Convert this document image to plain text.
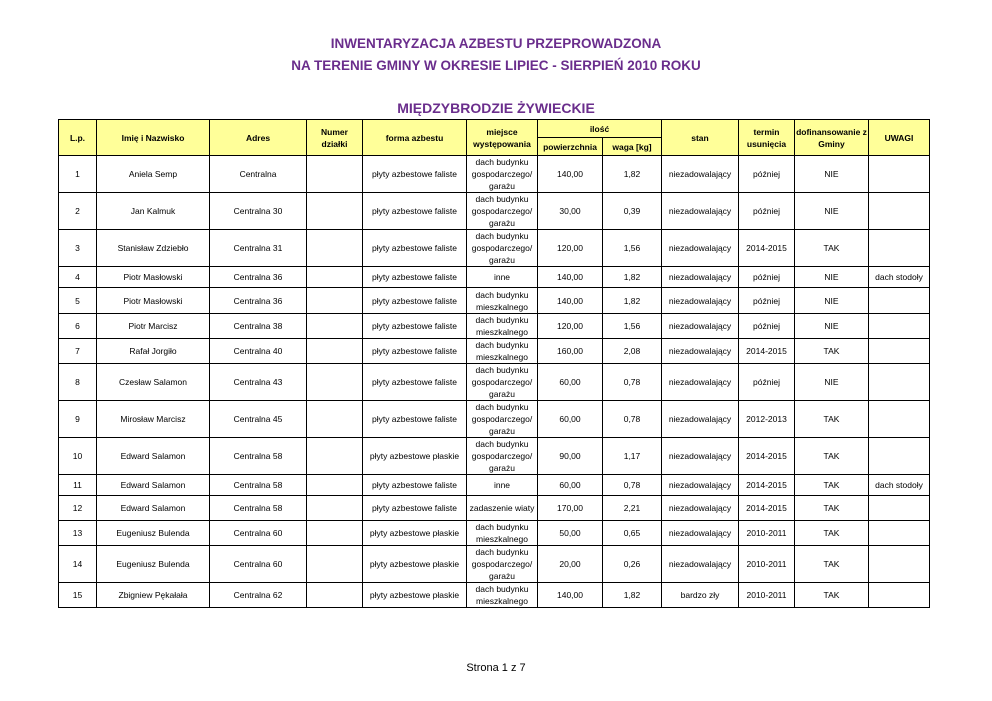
INWENTARYZACJA AZBESTU PRZEPROWADZONA
NA TERENIE GMINY W OKRESIE LIPIEC - SIERPIEŃ 2010 ROKU
MIĘDZYBRODZIE ŻYWIECKIE
L.p.	Imię i Nazwisko	Adres	Numer działki	forma azbestu	miejsce występowania	ilość		stan	termin usunięcia	dofinansowanie z Gminy	UWAGI
						powierzchnia	waga [kg]				
1	Aniela Semp	Centralna		płyty azbestowe faliste	dach budynku gospodarczego/ garażu	140,00	1,82	niezadowalający	później	NIE	
2	Jan Kalmuk	Centralna 30		płyty azbestowe faliste	dach budynku gospodarczego/ garażu	30,00	0,39	niezadowalający	później	NIE	
3	Stanisław Zdziebło	Centralna 31		płyty azbestowe faliste	dach budynku gospodarczego/ garażu	120,00	1,56	niezadowalający	2014-2015	TAK	
4	Piotr Masłowski	Centralna 36		płyty azbestowe faliste	inne	140,00	1,82	niezadowalający	później	NIE	dach stodoły
5	Piotr Masłowski	Centralna 36		płyty azbestowe faliste	dach budynku mieszkalnego	140,00	1,82	niezadowalający	później	NIE	
6	Piotr Marcisz	Centralna 38		płyty azbestowe faliste	dach budynku mieszkalnego	120,00	1,56	niezadowalający	później	NIE	
7	Rafał Jorgiło	Centralna 40		płyty azbestowe faliste	dach budynku mieszkalnego	160,00	2,08	niezadowalający	2014-2015	TAK	
8	Czesław Salamon	Centralna 43		płyty azbestowe faliste	dach budynku gospodarczego/ garażu	60,00	0,78	niezadowalający	później	NIE	
9	Mirosław Marcisz	Centralna 45		płyty azbestowe faliste	dach budynku gospodarczego/ garażu	60,00	0,78	niezadowalający	2012-2013	TAK	
10	Edward Salamon	Centralna 58		płyty azbestowe płaskie	dach budynku gospodarczego/ garażu	90,00	1,17	niezadowalający	2014-2015	TAK	
11	Edward Salamon	Centralna 58		płyty azbestowe faliste	inne	60,00	0,78	niezadowalający	2014-2015	TAK	dach stodoły
12	Edward Salamon	Centralna 58		płyty azbestowe faliste	zadaszenie wiaty	170,00	2,21	niezadowalający	2014-2015	TAK	
13	Eugeniusz Bulenda	Centralna 60		płyty azbestowe płaskie	dach budynku mieszkalnego	50,00	0,65	niezadowalający	2010-2011	TAK	
14	Eugeniusz Bulenda	Centralna 60		płyty azbestowe płaskie	dach budynku gospodarczego/ garażu	20,00	0,26	niezadowalający	2010-2011	TAK	
15	Zbigniew Pękałała	Centralna 62		płyty azbestowe płaskie	dach budynku mieszkalnego	140,00	1,82	bardzo zły	2010-2011	TAK	
Strona 1 z 7
